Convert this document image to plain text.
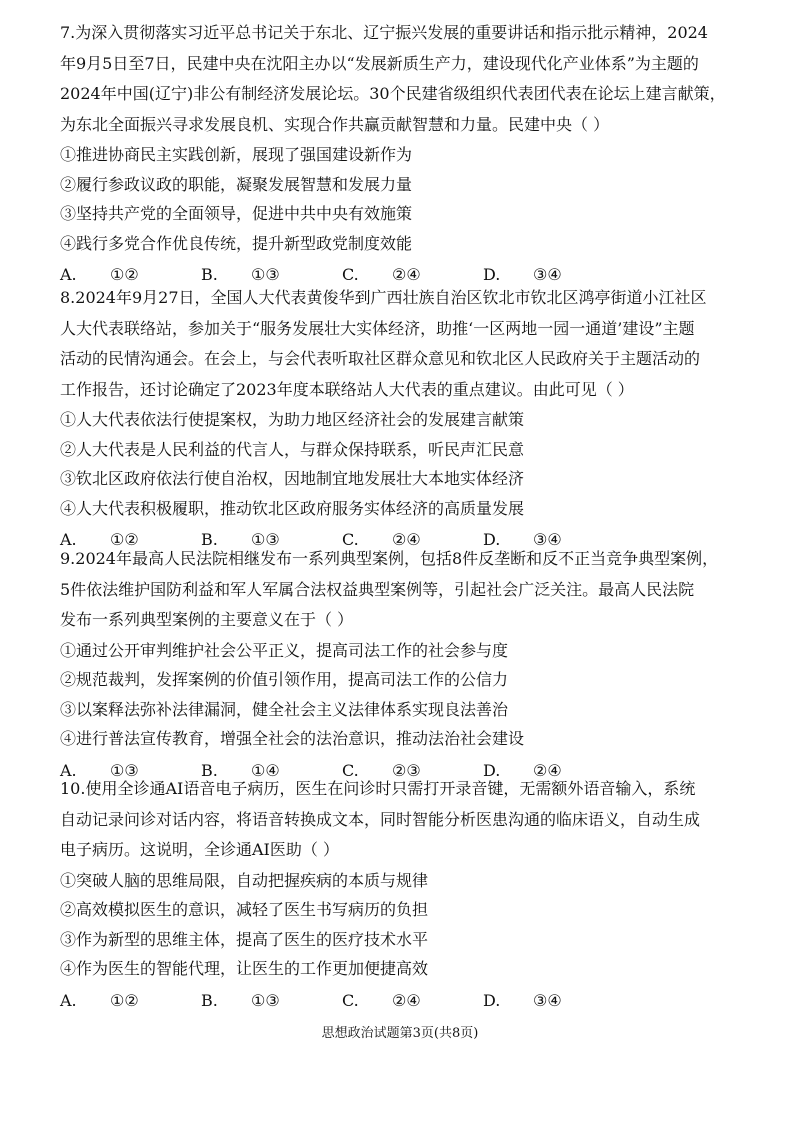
7.为深入贯彻落实习近平总书记关于东北、辽宁振兴发展的重要讲话和指示批示精神，2024
年9月5日至7日，民建中央在沈阳主办以“发展新质生产力，建设现代化产业体系”为主题的
2024年中国(辽宁)非公有制经济发展论坛。30个民建省级组织代表团代表在论坛上建言献策，
为东北全面振兴寻求发展良机、实现合作共赢贡献智慧和力量。民建中央（ ）
①推进协商民主实践创新，展现了强国建设新作为
②履行参政议政的职能，凝聚发展智慧和发展力量
③坚持共产党的全面领导，促进中共中央有效施策
④践行多党合作优良传统，提升新型政党制度效能
A. ①②	B. ①③	C. ②④	D. ③④
8.2024年9月27日，全国人大代表黄俊华到广西壮族自治区钦北市钦北区鸿亭街道小江社区
人大代表联络站，参加关于“服务发展壮大实体经济，助推‘一区两地一园一通道’建设”主题
活动的民情沟通会。在会上，与会代表听取社区群众意见和钦北区人民政府关于主题活动的
工作报告，还讨论确定了2023年度本联络站人大代表的重点建议。由此可见（ ）
①人大代表依法行使提案权，为助力地区经济社会的发展建言献策
②人大代表是人民利益的代言人，与群众保持联系，听民声汇民意
③钦北区政府依法行使自治权，因地制宜地发展壮大本地实体经济
④人大代表积极履职，推动钦北区政府服务实体经济的高质量发展
A. ①②	B. ①③	C. ②④	D. ③④
9.2024年最高人民法院相继发布一系列典型案例，包括8件反垄断和反不正当竞争典型案例，
5件依法维护国防利益和军人军属合法权益典型案例等，引起社会广泛关注。最高人民法院
发布一系列典型案例的主要意义在于（ ）
①通过公开审判维护社会公平正义，提高司法工作的社会参与度
②规范裁判，发挥案例的价值引领作用，提高司法工作的公信力
③以案释法弥补法律漏洞，健全社会主义法律体系实现良法善治
④进行普法宣传教育，增强全社会的法治意识，推动法治社会建设
A. ①③	B. ①④	C. ②③	D. ②④
10.使用全诊通AI语音电子病历，医生在问诊时只需打开录音键，无需额外语音输入，系统
自动记录问诊对话内容，将语音转换成文本，同时智能分析医患沟通的临床语义，自动生成
电子病历。这说明，全诊通AI医助（ ）
①突破人脑的思维局限，自动把握疾病的本质与规律
②高效模拟医生的意识，减轻了医生书写病历的负担
③作为新型的思维主体，提高了医生的医疗技术水平
④作为医生的智能代理，让医生的工作更加便捷高效
A. ①②	B. ①③	C. ②④	D. ③④
思想政治试题第3页(共8页)
